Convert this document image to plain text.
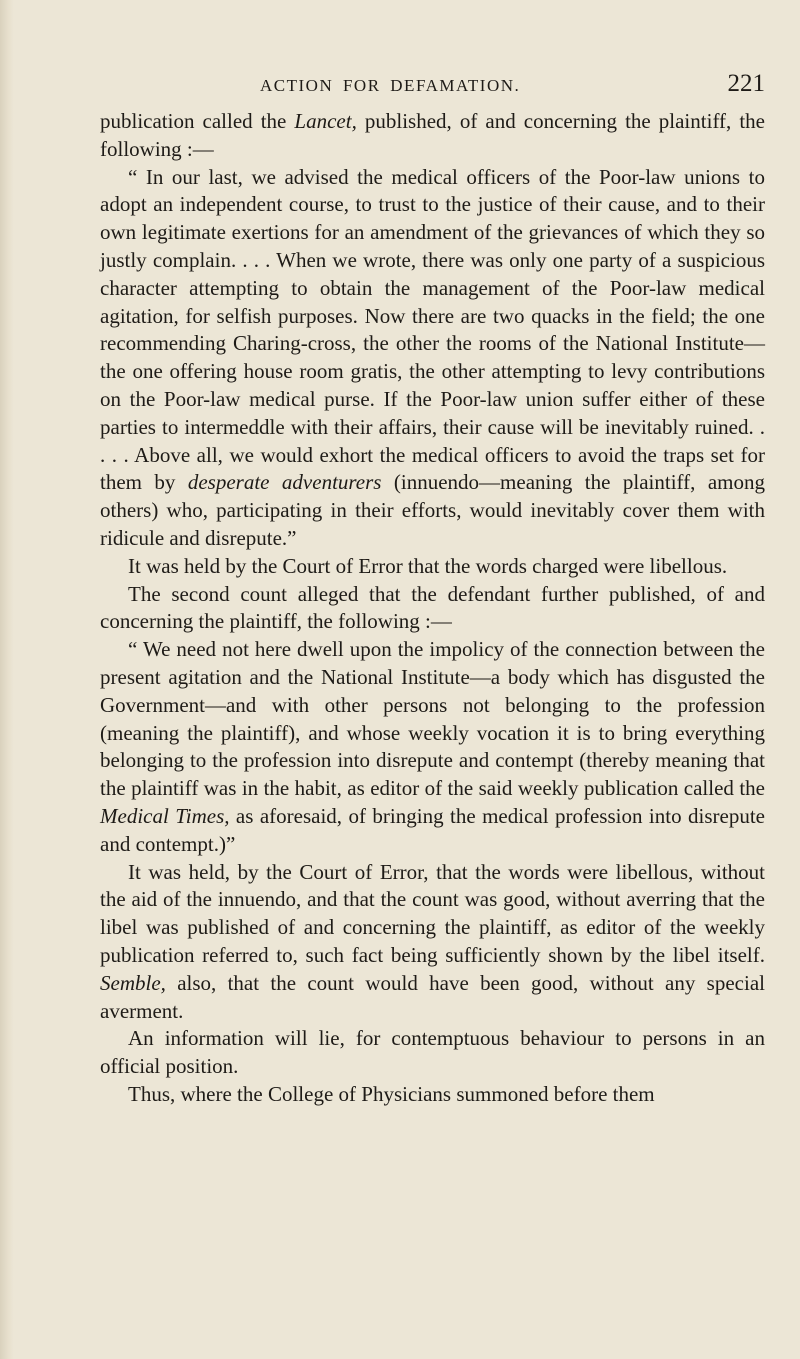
ACTION FOR DEFAMATION.	221

publication called the Lancet, published, of and concerning the plaintiff, the following :—

“ In our last, we advised the medical officers of the Poor-law unions to adopt an independent course, to trust to the justice of their cause, and to their own legitimate exertions for an amendment of the grievances of which they so justly complain. . . . When we wrote, there was only one party of a suspicious character attempting to obtain the management of the Poor-law medical agitation, for selfish purposes. Now there are two quacks in the field; the one recommending Charing-cross, the other the rooms of the National Institute—the one offering house room gratis, the other attempting to levy contributions on the Poor-law medical purse. If the Poor-law union suffer either of these parties to intermeddle with their affairs, their cause will be inevitably ruined. . . . . Above all, we would exhort the medical officers to avoid the traps set for them by desperate adventurers (innuendo—meaning the plaintiff, among others) who, participating in their efforts, would inevitably cover them with ridicule and disrepute.”

It was held by the Court of Error that the words charged were libellous.

The second count alleged that the defendant further published, of and concerning the plaintiff, the following :—

“ We need not here dwell upon the impolicy of the connection between the present agitation and the National Institute—a body which has disgusted the Government—and with other persons not belonging to the profession (meaning the plaintiff), and whose weekly vocation it is to bring everything belonging to the profession into disrepute and contempt (thereby meaning that the plaintiff was in the habit, as editor of the said weekly publication called the Medical Times, as aforesaid, of bringing the medical profession into disrepute and contempt.)”

It was held, by the Court of Error, that the words were libellous, without the aid of the innuendo, and that the count was good, without averring that the libel was published of and concerning the plaintiff, as editor of the weekly publication referred to, such fact being sufficiently shown by the libel itself. Semble, also, that the count would have been good, without any special averment.

An information will lie, for contemptuous behaviour to persons in an official position.

Thus, where the College of Physicians summoned before them
